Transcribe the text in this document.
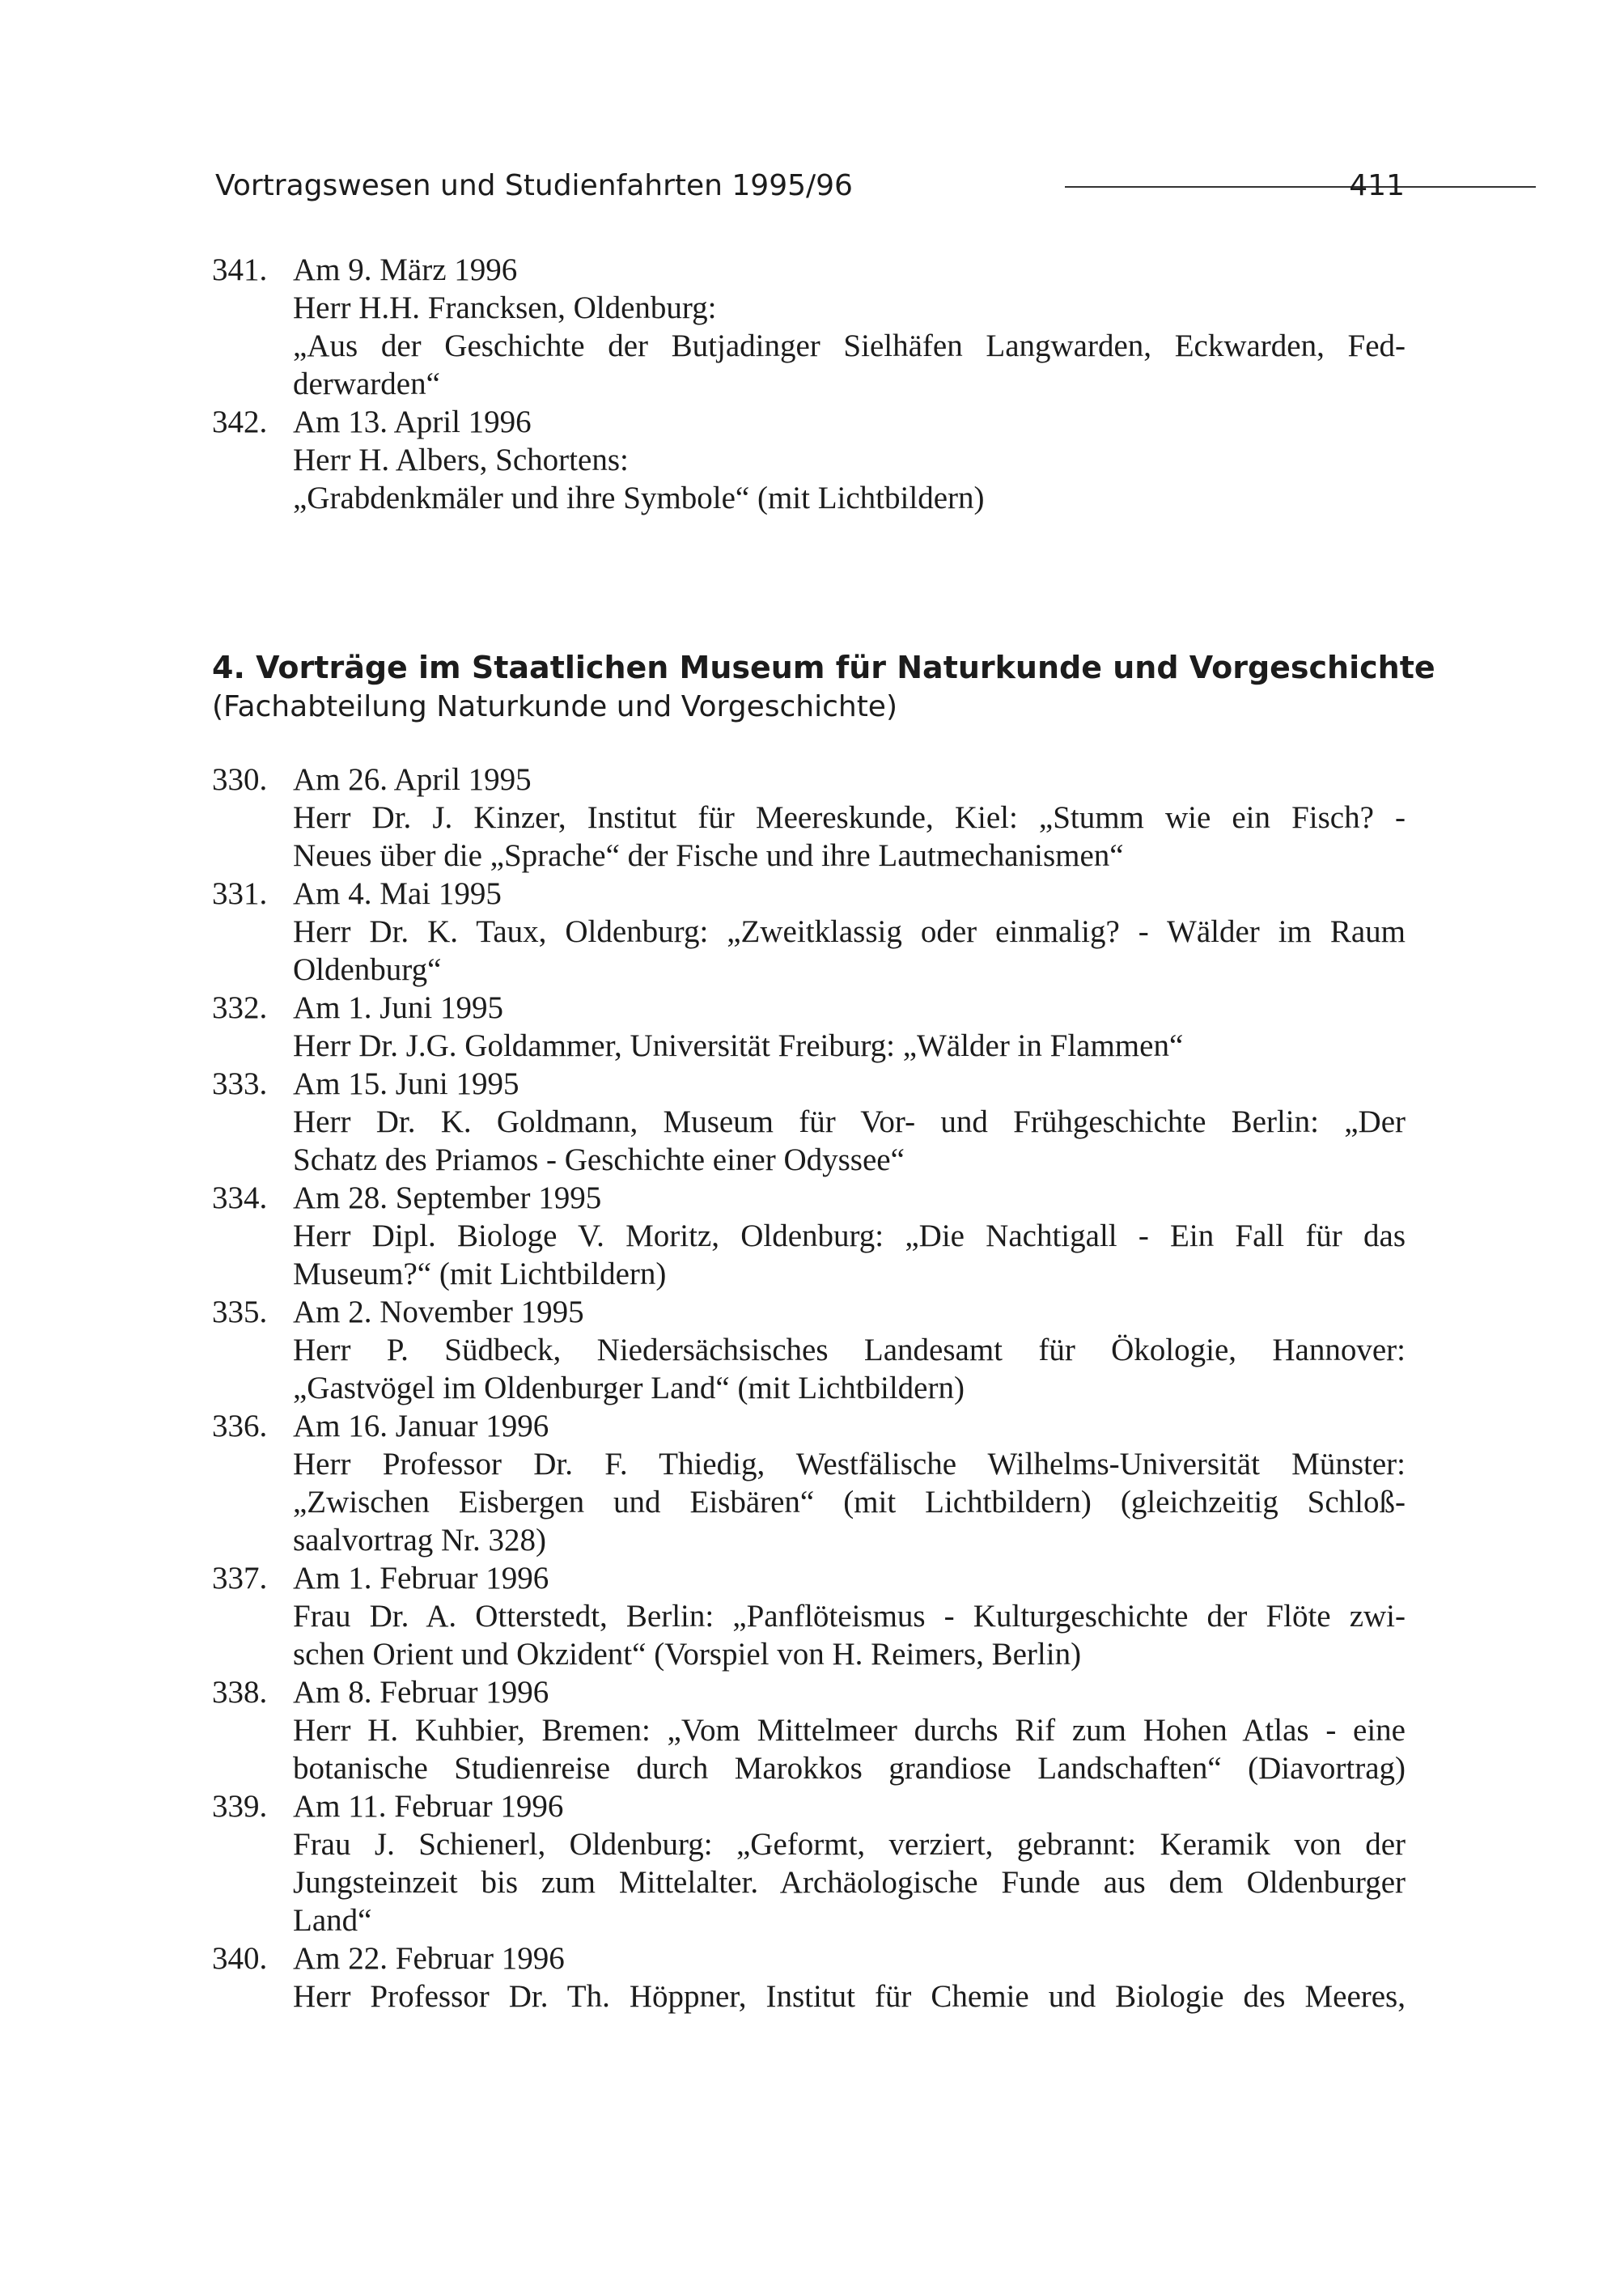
Vortragswesen und Studienfahrten 1995/96	411
341. Am 9. März 1996
Herr H.H. Francksen, Oldenburg:
„Aus der Geschichte der Butjadinger Sielhäfen Langwarden, Eckwarden, Fed-
derwarden“
342. Am 13. April 1996
Herr H. Albers, Schortens:
„Grabdenkmäler und ihre Symbole“ (mit Lichtbildern)
4. Vorträge im Staatlichen Museum für Naturkunde und Vorgeschichte
(Fachabteilung Naturkunde und Vorgeschichte)
330. Am 26. April 1995
Herr Dr. J. Kinzer, Institut für Meereskunde, Kiel: „Stumm wie ein Fisch? -
Neues über die „Sprache“ der Fische und ihre Lautmechanismen“
331. Am 4. Mai 1995
Herr Dr. K. Taux, Oldenburg: „Zweitklassig oder einmalig? - Wälder im Raum
Oldenburg“
332. Am 1. Juni 1995
Herr Dr. J.G. Goldammer, Universität Freiburg: „Wälder in Flammen“
333. Am 15. Juni 1995
Herr Dr. K. Goldmann, Museum für Vor- und Frühgeschichte Berlin: „Der
Schatz des Priamos - Geschichte einer Odyssee“
334. Am 28. September 1995
Herr Dipl. Biologe V. Moritz, Oldenburg: „Die Nachtigall - Ein Fall für das
Museum?“ (mit Lichtbildern)
335. Am 2. November 1995
Herr P. Südbeck, Niedersächsisches Landesamt für Ökologie, Hannover:
„Gastvögel im Oldenburger Land“ (mit Lichtbildern)
336. Am 16. Januar 1996
Herr Professor Dr. F. Thiedig, Westfälische Wilhelms-Universität Münster:
„Zwischen Eisbergen und Eisbären“ (mit Lichtbildern) (gleichzeitig Schloß-
saalvortrag Nr. 328)
337. Am 1. Februar 1996
Frau Dr. A. Otterstedt, Berlin: „Panflöteismus - Kulturgeschichte der Flöte zwi-
schen Orient und Okzident“ (Vorspiel von H. Reimers, Berlin)
338. Am 8. Februar 1996
Herr H. Kuhbier, Bremen: „Vom Mittelmeer durchs Rif zum Hohen Atlas - eine
botanische Studienreise durch Marokkos grandiose Landschaften“ (Diavortrag)
339. Am 11. Februar 1996
Frau J. Schienerl, Oldenburg: „Geformt, verziert, gebrannt: Keramik von der
Jungsteinzeit bis zum Mittelalter. Archäologische Funde aus dem Oldenburger
Land“
340. Am 22. Februar 1996
Herr Professor Dr. Th. Höppner, Institut für Chemie und Biologie des Meeres,
